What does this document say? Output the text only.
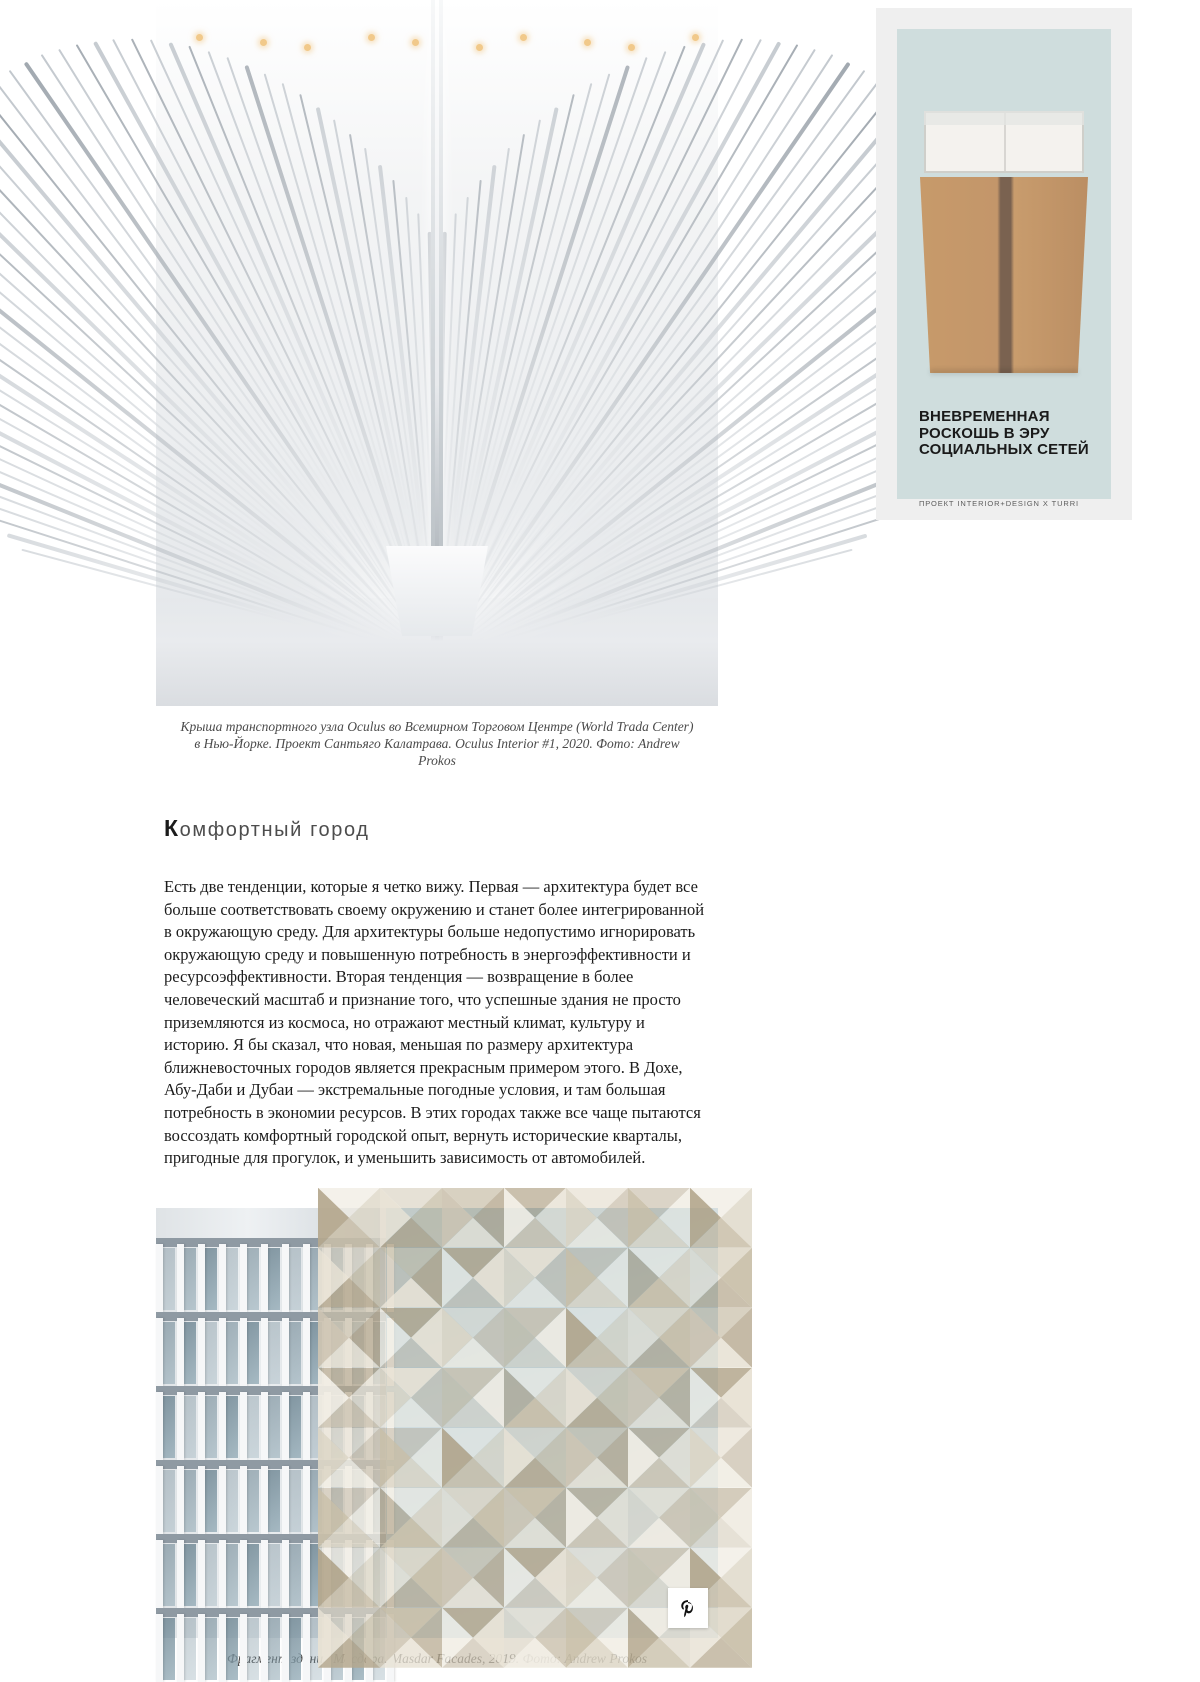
Крыша транспортного узла Oculus во Всемирном Торговом Центре (World Trada Center) в Нью-Йорке. Проект Сантьяго Калатрава. Oculus Interior #1, 2020. Фото: Andrew Prokos
Комфортный город

Есть две тенденции, которые я четко вижу. Первая — архитектура будет все больше соответствовать своему окружению и станет более интегрированной в окружающую среду. Для архитектуры больше недопустимо игнорировать окружающую среду и повышенную потребность в энергоэффективности и ресурсоэффективности. Вторая тенденция — возвращение в более человеческий масштаб и признание того, что успешные здания не просто приземляются из космоса, но отражают местный климат, культуру и историю. Я бы сказал, что новая, меньшая по размеру архитектура ближневосточных городов является прекрасным примером этого. В Дохе, Абу-Даби и Дубаи — экстремальные погодные условия, и там большая потребность в экономии ресурсов. В этих городах также все чаще пытаются воссоздать комфортный городской опыт, вернуть исторические кварталы, пригодные для прогулок, и уменьшить зависимость от автомобилей.

Фрагмент зданий
ВНЕВРЕМЕННАЯ РОСКОШЬ В ЭРУ СОЦИАЛЬНЫХ СЕТЕЙ
ПРОЕКТ INTERIOR+DESIGN X TURRI
